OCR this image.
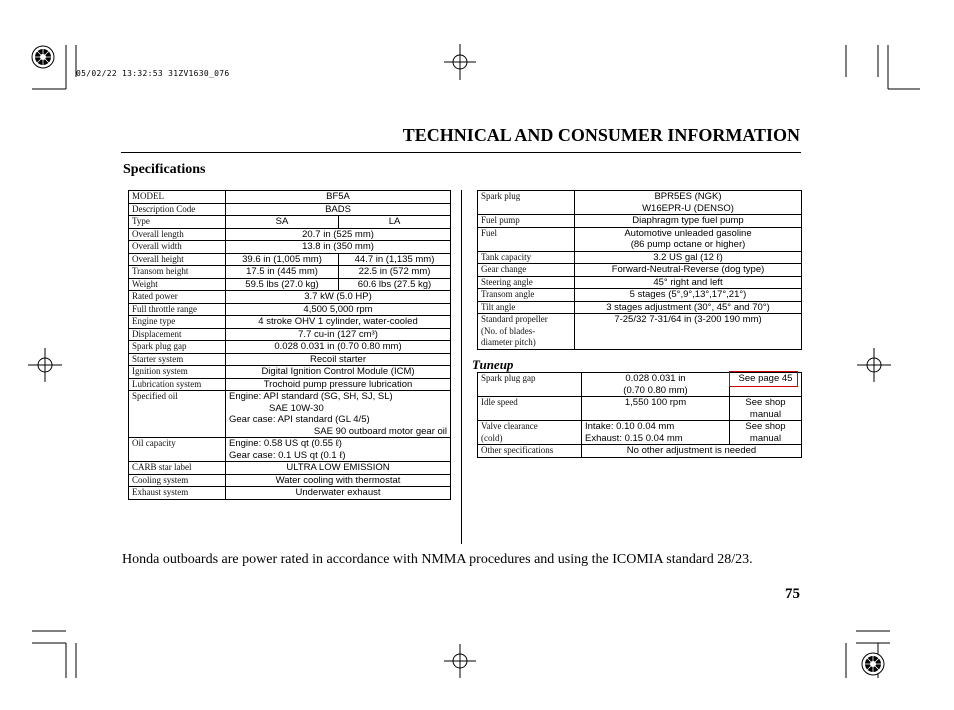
05/02/22 13:32:53 31ZV1630_076
TECHNICAL AND CONSUMER INFORMATION
Specifications
MODEL	BF5A	
Description Code	BADS	
Type	SA	LA
Overall length	20.7 in (525 mm)	
Overall width	13.8 in (350 mm)	
Overall height	39.6 in (1,005 mm)	44.7 in (1,135 mm)
Transom height	17.5 in (445 mm)	22.5 in (572 mm)
Weight	59.5 lbs (27.0 kg)	60.6 lbs (27.5 kg)
Rated power	3.7 kW (5.0 HP)	
Full throttle range	4,500 5,000 rpm	
Engine type	4 stroke OHV 1 cylinder, water-cooled	
Displacement	7.7 cu-in (127 cm³)	
Spark plug gap	0.028 0.031 in (0.70 0.80 mm)	
Starter system	Recoil starter	
Ignition system	Digital Ignition Control Module (ICM)	
Lubrication system	Trochoid pump pressure lubrication	
Specified oil	Engine: API standard (SG, SH, SJ, SL)
SAE 10W-30
Gear case: API standard (GL 4/5)
SAE 90 outboard motor gear oil	

Oil capacity	Engine: 0.58 US qt (0.55 ℓ)
Gear case: 0.1 US qt (0.1 ℓ)	

CARB star label	ULTRA LOW EMISSION	
Cooling system	Water cooling with thermostat	
Exhaust system	Underwater exhaust	
Spark plug	BPR5ES (NGK)
W16EPR-U (DENSO)

Fuel pump	Diaphragm type fuel pump

Fuel	Automotive unleaded gasoline
(86 pump octane or higher)

Tank capacity	3.2 US gal (12 ℓ)

Gear change	Forward-Neutral-Reverse (dog type)

Steering angle	45° right and left

Transom angle	5 stages (5°,9°,13°,17°,21°)

Tilt angle	3 stages adjustment (30°, 45° and 70°)

Standard propeller
(No. of blades-
diameter pitch)	7-25/32 7-31/64 in (3-200 190 mm)
Tuneup
Spark plug gap	0.028 0.031 in
(0.70 0.80 mm)	See page 45

Idle speed	1,550 100 rpm	See shop
manual

Valve clearance
(cold)	Intake: 0.10 0.04 mm
Exhaust: 0.15 0.04 mm	See shop
manual

Other specifications	No other adjustment is needed	
Honda outboards are power rated in accordance with NMMA procedures and using the ICOMIA standard 28/23.
75
